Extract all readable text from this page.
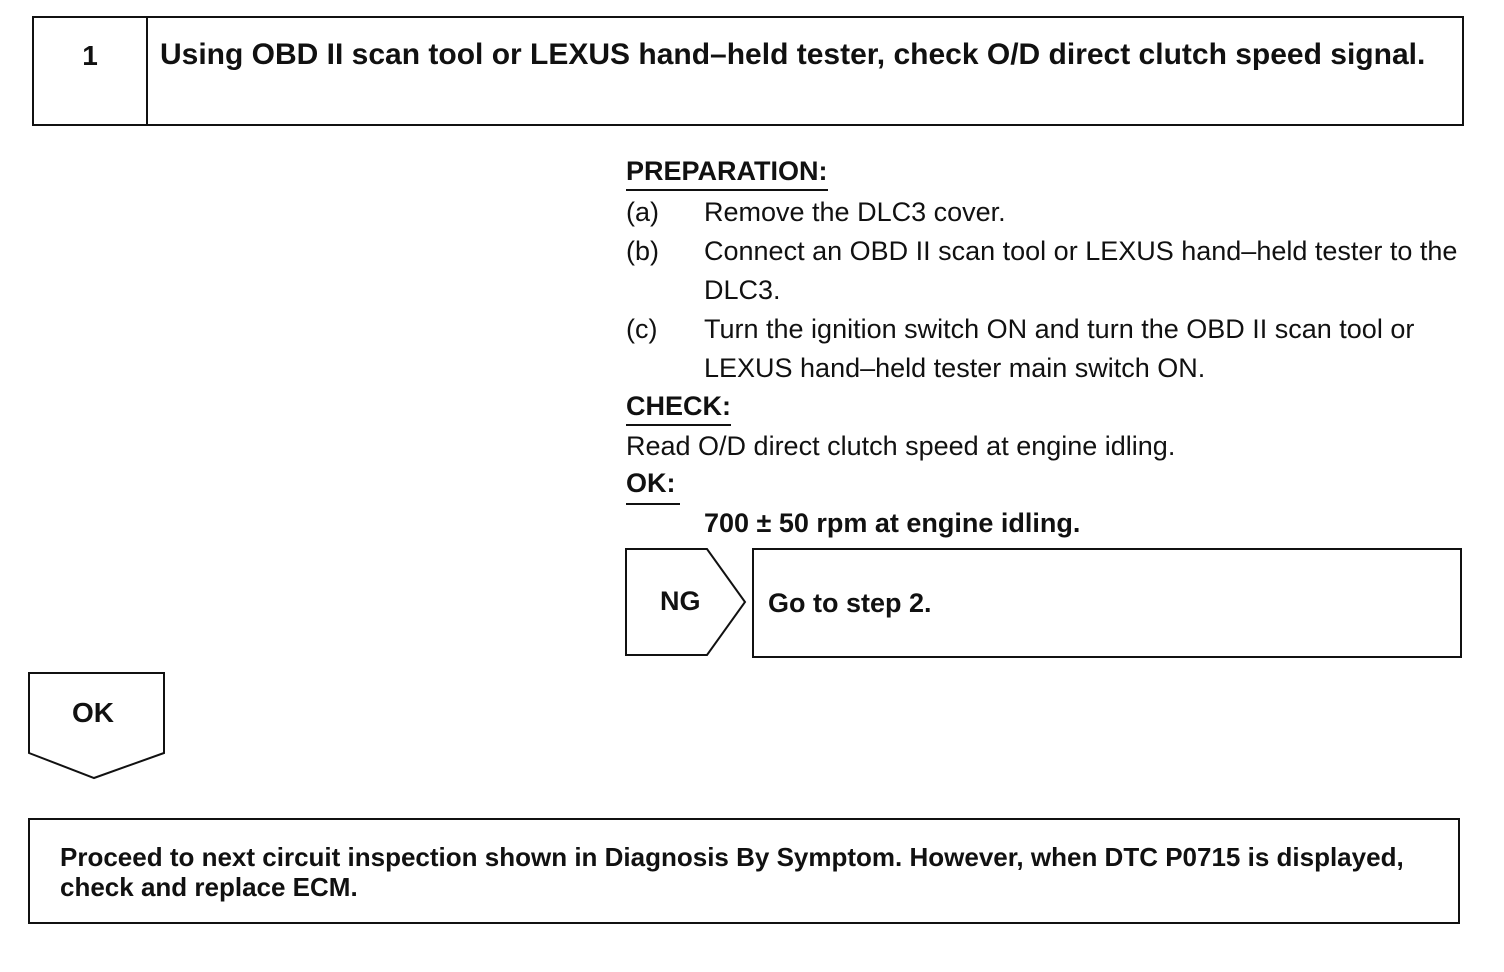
1	Using OBD II scan tool or LEXUS hand–held tester, check O/D direct clutch speed signal.
PREPARATION:
(a) Remove the DLC3 cover.
(b) Connect an OBD II scan tool or LEXUS hand–held tester to the DLC3.
(c) Turn the ignition switch ON and turn the OBD II scan tool or LEXUS hand–held tester main switch ON.
CHECK:
Read O/D direct clutch speed at engine idling.
OK:
700 ± 50 rpm at engine idling.
NG	Go to step 2.
OK
Proceed to next circuit inspection shown in Diagnosis By Symptom. However, when DTC P0715 is displayed, check and replace ECM.
